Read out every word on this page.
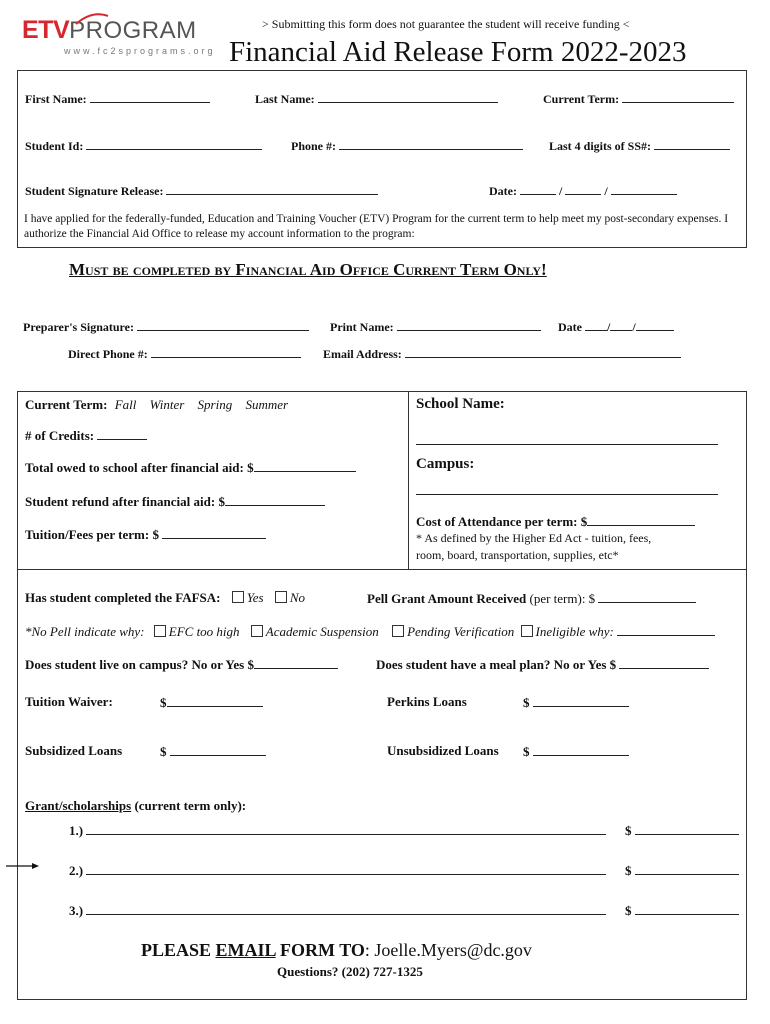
ETVPROGRAM
www.fc2sprograms.org
> Submitting this form does not guarantee the student will receive funding <
Financial Aid Release Form 2022-2023
First Name:	Last Name:	Current Term:
Student Id:	Phone #:	Last 4 digits of SS#:
Student Signature Release:	Date:	/	/
I have applied for the federally-funded, Education and Training Voucher (ETV) Program for the current term to help meet my post-secondary expenses. I authorize the Financial Aid Office to release my account information to the program:
Must be completed by Financial Aid Office Current Term Only!
Preparer's Signature:	Print Name:	Date / /
Direct Phone #:	Email Address:
Current Term: Fall Winter Spring Summer
# of Credits:
Total owed to school after financial aid: $
Student refund after financial aid: $
Tuition/Fees per term: $
School Name:
Campus:
Cost of Attendance per term: $
* As defined by the Higher Ed Act - tuition, fees,
room, board, transportation, supplies, etc*
Has student completed the FAFSA: Yes No	Pell Grant Amount Received (per term): $
*No Pell indicate why: EFC too high Academic Suspension Pending Verification Ineligible why:
Does student live on campus? No or Yes $	Does student have a meal plan? No or Yes $
Tuition Waiver:	$	Perkins Loans	$
Subsidized Loans	$	Unsubsidized Loans $
Grant/scholarships (current term only):
1.)	$
2.)	$
3.)	$
PLEASE EMAIL FORM TO: Joelle.Myers@dc.gov
Questions? (202) 727-1325
